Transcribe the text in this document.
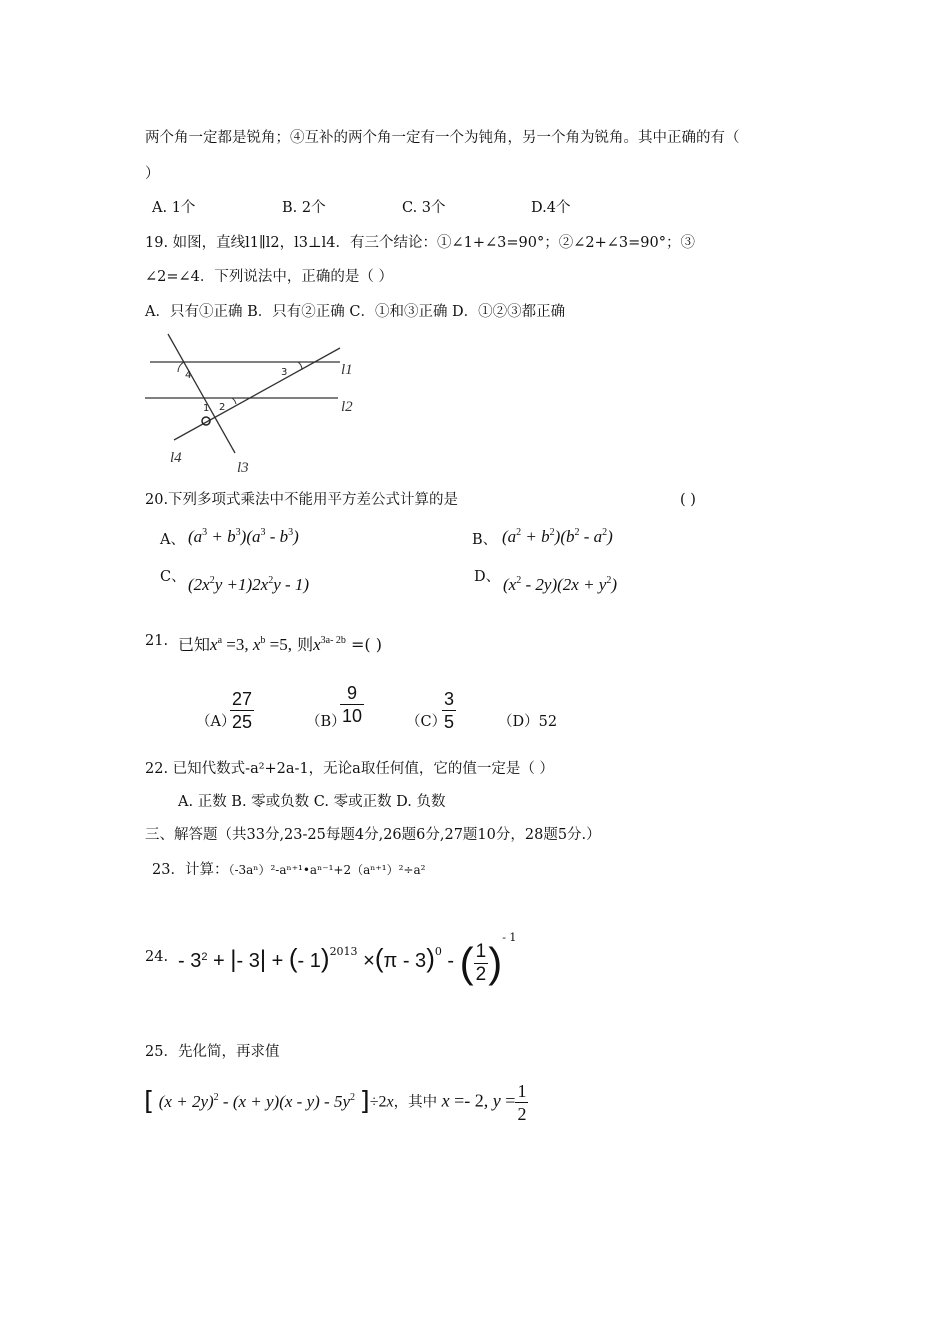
两个角一定都是锐角；④互补的两个角一定有一个为钝角，另一个角为锐角。其中正确的有（
）
A. 1个	B. 2个	C. 3个	D.4个
19. 如图，直线l1∥l2，l3⊥l4．有三个结论：①∠1+∠3=90°；②∠2+∠3=90°；③
∠2=∠4．下列说法中，正确的是（ ）
A．只有①正确 B．只有②正确 C．①和③正确 D．①②③都正确
4	3
1 2
l1
l2
l4
l3
20.下列多项式乘法中不能用平方差公式计算的是	( )
A、 $(a^3 + b^3)(a^3 - b^3)$	B、 $(a^2 + b^2)(b^2 - a^2)$
C、 $(2x^2y +1)2x^2y - 1$)	D、 $(x^2 - 2y)(2x + y^2)$
21. 已知$x^a =3$, $x^b =5$, 则$x^{3a- 2b}$ =( )
（A）
$\frac{27}{25}$	（B）
$\frac{9}{10}$	（C）
$\frac{3}{5}$	（D）52
22. 已知代数式-a²+2a-1，无论a取任何值，它的值一定是（ ）
A. 正数 B. 零或负数 C. 零或正数 D. 负数
三、解答题（共33分,23-25每题4分,26题6分,27题10分，28题5分.）
23．计算：（-3aⁿ）²-aⁿ⁺¹•aⁿ⁻¹+2（aⁿ⁺¹）²÷a²
24. - $3^2$ + |- 3| + (- 1)$^{2013}$ ×(π - 3)$^0$ - ( $\frac{1}{2} )^{- 1}$
25．先化简，再求值
[ $(x + 2y)^2 - (x + y)(x - y) - 5y^2$ ]÷2x，其中 x =- 2, $y = \frac{1}{2}$
